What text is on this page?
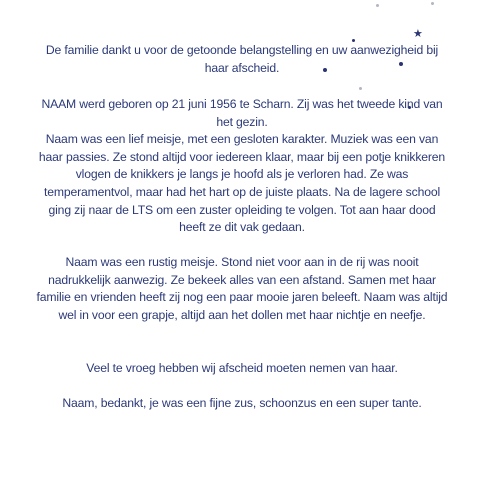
★
De familie dankt u voor de getoonde belangstelling en uw aanwezigheid bij haar afscheid.
NAAM werd geboren op 21 juni 1956 te Scharn. Zij was het tweede kind van het gezin.
Naam was een lief meisje, met een gesloten karakter. Muziek was een van haar passies. Ze stond altijd voor iedereen klaar, maar bij een potje knikkeren vlogen de knikkers je langs je hoofd als je verloren had. Ze was temperamentvol, maar had het hart op de juiste plaats. Na de lagere school ging zij naar de LTS om een zuster opleiding te volgen. Tot aan haar dood heeft ze dit vak gedaan.
Naam was een rustig meisje. Stond niet voor aan in de rij was nooit nadrukkelijk aanwezig. Ze bekeek alles van een afstand. Samen met haar familie en vrienden heeft zij nog een paar mooie jaren beleeft. Naam was altijd wel in voor een grapje, altijd aan het dollen met haar nichtje en neefje.
Veel te vroeg hebben wij afscheid moeten nemen van haar.
Naam, bedankt, je was een fijne zus, schoonzus en een super tante.
